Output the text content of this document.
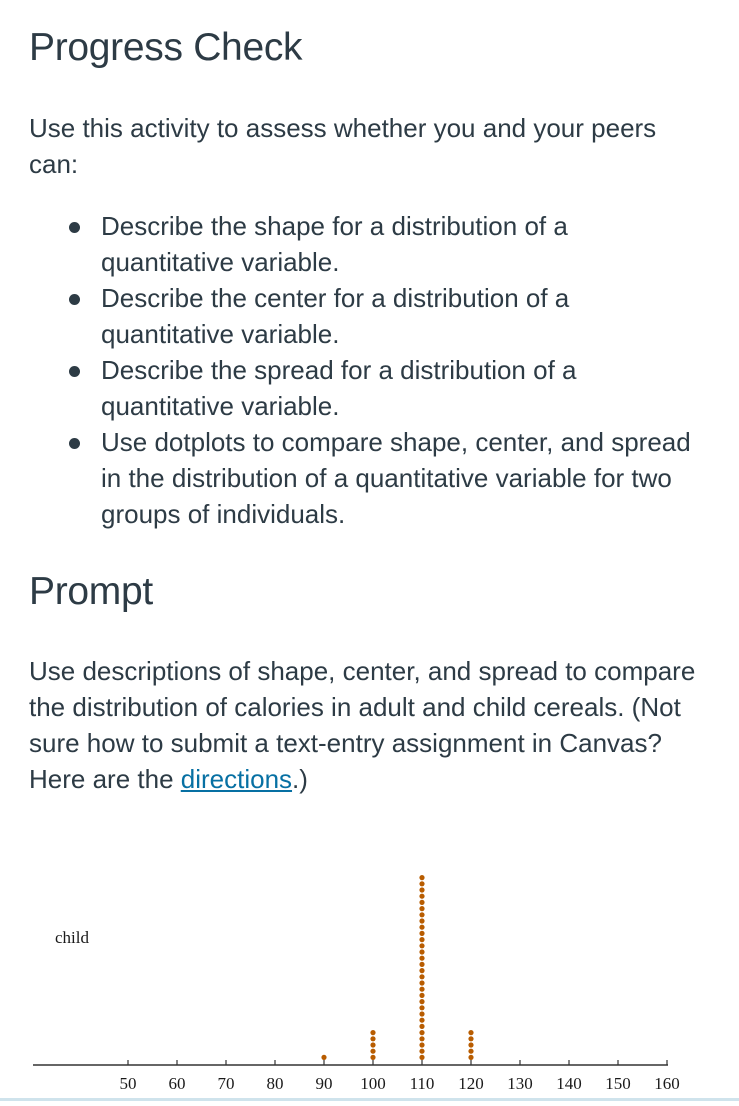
Progress Check

Use this activity to assess whether you and your peers can:

Describe the shape for a distribution of a quantitative variable.
Describe the center for a distribution of a quantitative variable.
Describe the spread for a distribution of a quantitative variable.
Use dotplots to compare shape, center, and spread in the distribution of a quantitative variable for two groups of individuals.
Prompt

Use descriptions of shape, center, and spread to compare the distribution of calories in adult and child cereals. (Not sure how to submit a text-entry assignment in Canvas? Here are the directions.)

50 60 70 80 90 100 110 120 130 140 150 160
child
